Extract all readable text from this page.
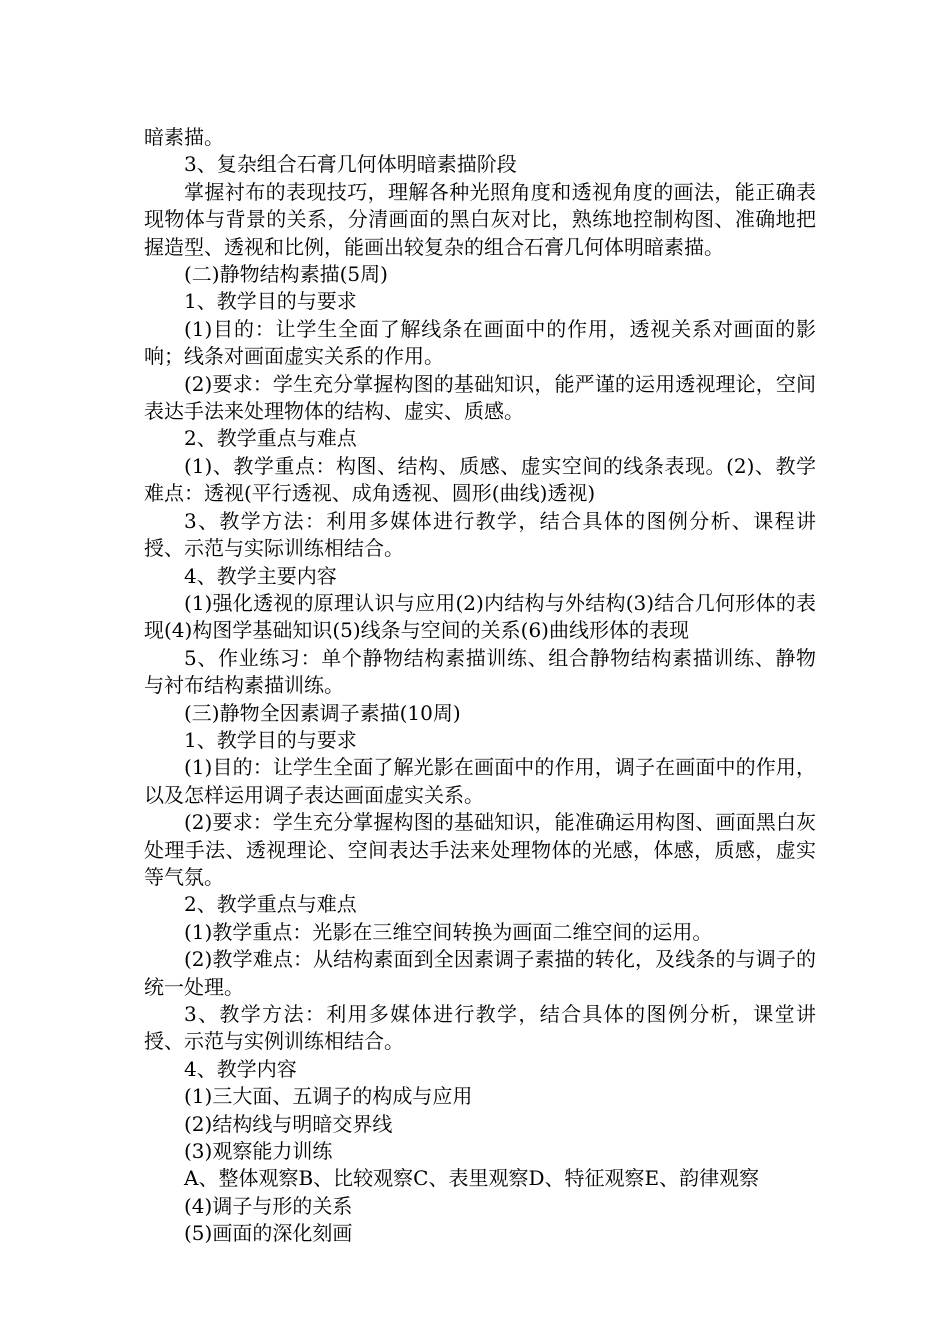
暗素描。

3、复杂组合石膏几何体明暗素描阶段

掌握衬布的表现技巧，理解各种光照角度和透视角度的画法，能正确表现物体与背景的关系，分清画面的黑白灰对比，熟练地控制构图、准确地把握造型、透视和比例，能画出较复杂的组合石膏几何体明暗素描。

(二)静物结构素描(5周)

1、教学目的与要求

(1)目的：让学生全面了解线条在画面中的作用，透视关系对画面的影响；线条对画面虚实关系的作用。

(2)要求：学生充分掌握构图的基础知识，能严谨的运用透视理论，空间表达手法来处理物体的结构、虚实、质感。

2、教学重点与难点

(1)、教学重点：构图、结构、质感、虚实空间的线条表现。(2)、教学难点：透视(平行透视、成角透视、圆形(曲线)透视)

3、教学方法：利用多媒体进行教学，结合具体的图例分析、课程讲授、示范与实际训练相结合。

4、教学主要内容

(1)强化透视的原理认识与应用(2)内结构与外结构(3)结合几何形体的表现(4)构图学基础知识(5)线条与空间的关系(6)曲线形体的表现

5、作业练习：单个静物结构素描训练、组合静物结构素描训练、静物与衬布结构素描训练。

(三)静物全因素调子素描(10周)

1、教学目的与要求

(1)目的：让学生全面了解光影在画面中的作用，调子在画面中的作用，以及怎样运用调子表达画面虚实关系。

(2)要求：学生充分掌握构图的基础知识，能准确运用构图、画面黑白灰处理手法、透视理论、空间表达手法来处理物体的光感，体感，质感，虚实等气氛。

2、教学重点与难点

(1)教学重点：光影在三维空间转换为画面二维空间的运用。

(2)教学难点：从结构素面到全因素调子素描的转化，及线条的与调子的统一处理。

3、教学方法：利用多媒体进行教学，结合具体的图例分析，课堂讲授、示范与实例训练相结合。

4、教学内容

(1)三大面、五调子的构成与应用

(2)结构线与明暗交界线

(3)观察能力训练

A、整体观察B、比较观察C、表里观察D、特征观察E、韵律观察

(4)调子与形的关系

(5)画面的深化刻画
